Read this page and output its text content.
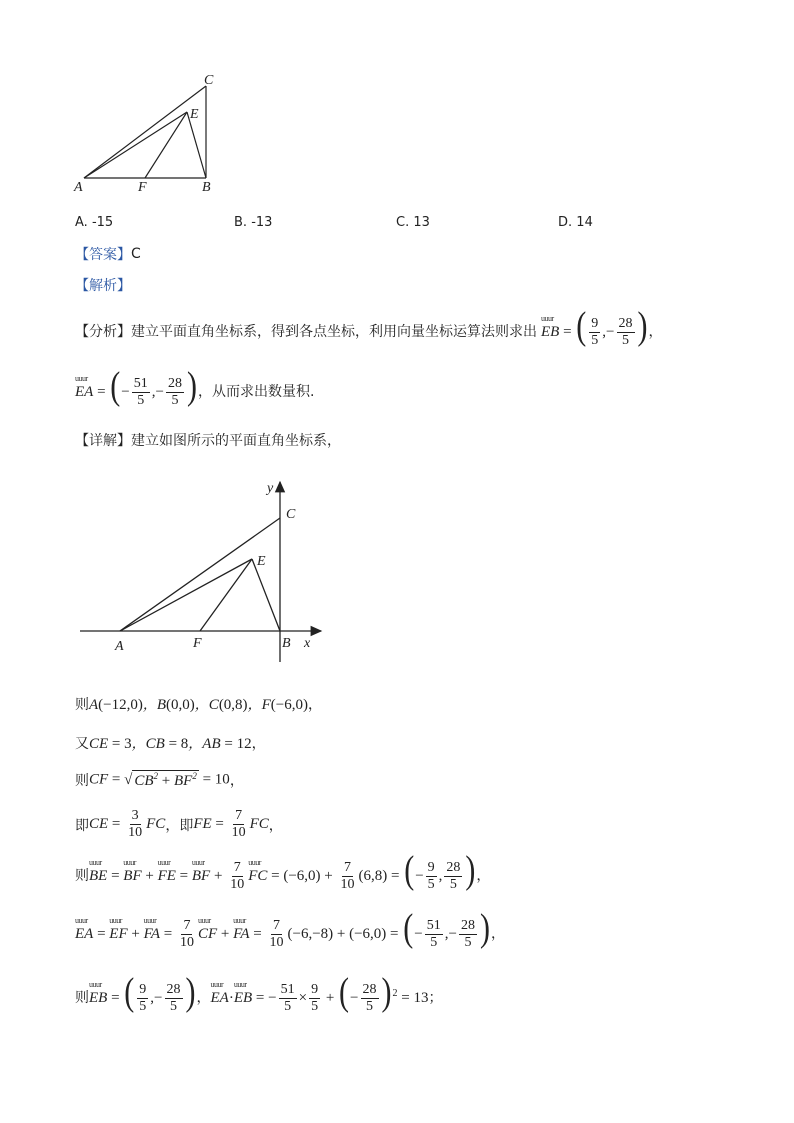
A	F	B
C
E
A. -15	B. -13	C. 13	D. 14
【答案】 C
【解析】
【分析】 建立平面直角坐标系，得到各点坐标，利用向量坐标运算法则求出 uuur EB = ( $\frac{9}{5}$ ,− $\frac{28}{5}$ ) ，
uuur EA = (− $\frac{51}{5}$ ,− $\frac{28}{5}$ ) ，从而求出数量积.
【详解】 建立如图所示的平面直角坐标系，
y
C
E
A	F	B x
则 A(−12,0)，B(0,0)，C(0,8)，F(−6,0) ，
又 CE = 3，CB = 8，AB = 12 ，
则 CF = √ $CB^2 + BF^2 = 10$ ，
即 CE = $\frac{3}{10}$ FC ， 即 FE = $\frac{7}{10}$ FC ，
则 uuur BE = uuur BF + uuur FE = uuur BF + $\frac{7}{10}$ uuur FC = $(-6,0) + \frac{7}{10} (6,8)$ = (− $\frac{9}{5}$ , $\frac{28}{5}$ ) ，
uuur EA = uuur EF + uuur FA = $\frac{7}{10}$ uuur CF + uuur FA = $\frac{7}{10} (-6,-8) + (-6,0)$ = (− $\frac{51}{5}$ ,− $\frac{28}{5}$ ) ，
则 uuur EB = ( $\frac{9}{5}$ ,− $\frac{28}{5}$ ) ， uuur EA·uuur EB = − $\frac{51}{5} \times \frac{9}{5}$ + (− $\frac{28}{5} )^2 = 13$ ；
